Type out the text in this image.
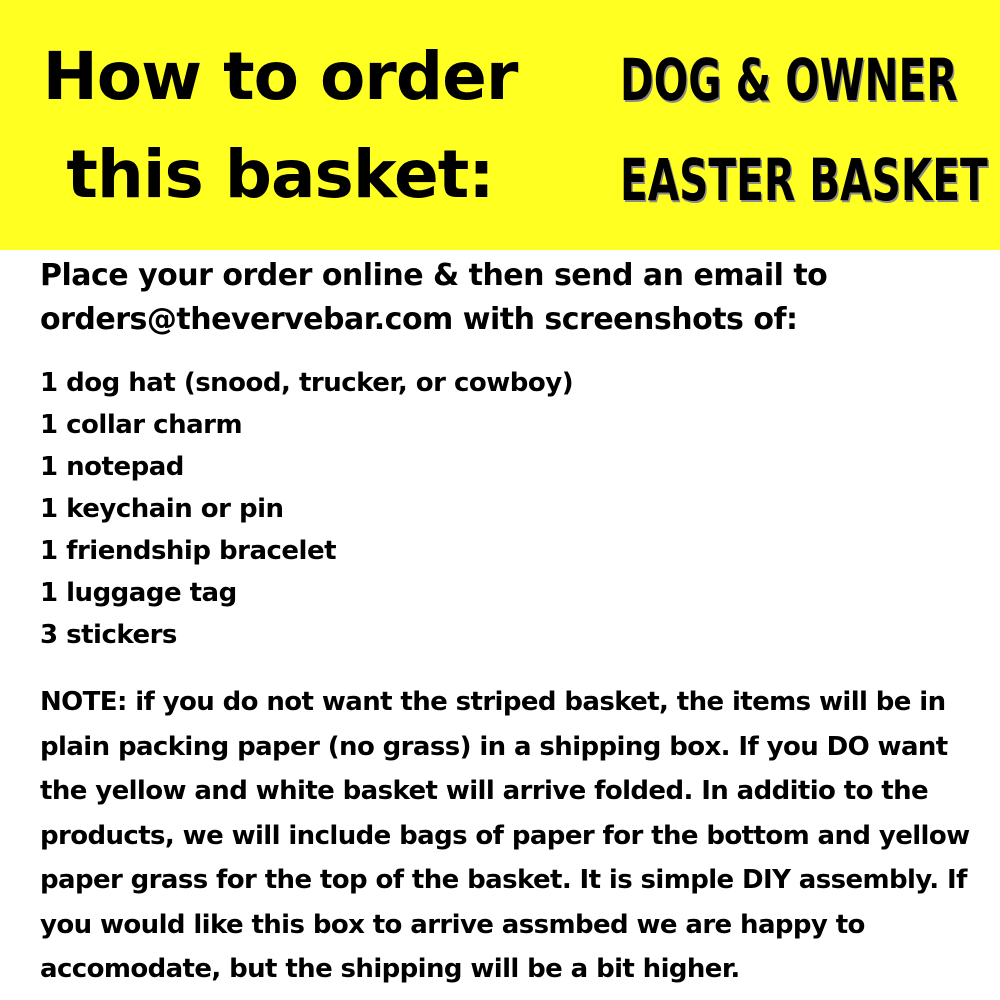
How to order
this basket:
DOG & OWNER
EASTER BASKET

Place your order online & then send an email to
orders@thevervebar.com with screenshots of:

1 dog hat (snood, trucker, or cowboy)
1 collar charm
1 notepad
1 keychain or pin
1 friendship bracelet
1 luggage tag
3 stickers

NOTE: if you do not want the striped basket, the items will be in
plain packing paper (no grass) in a shipping box. If you DO want
the yellow and white basket will arrive folded. In additio to the
products, we will include bags of paper for the bottom and yellow
paper grass for the top of the basket. It is simple DIY assembly. If
you would like this box to arrive assmbed we are happy to
accomodate, but the shipping will be a bit higher.
